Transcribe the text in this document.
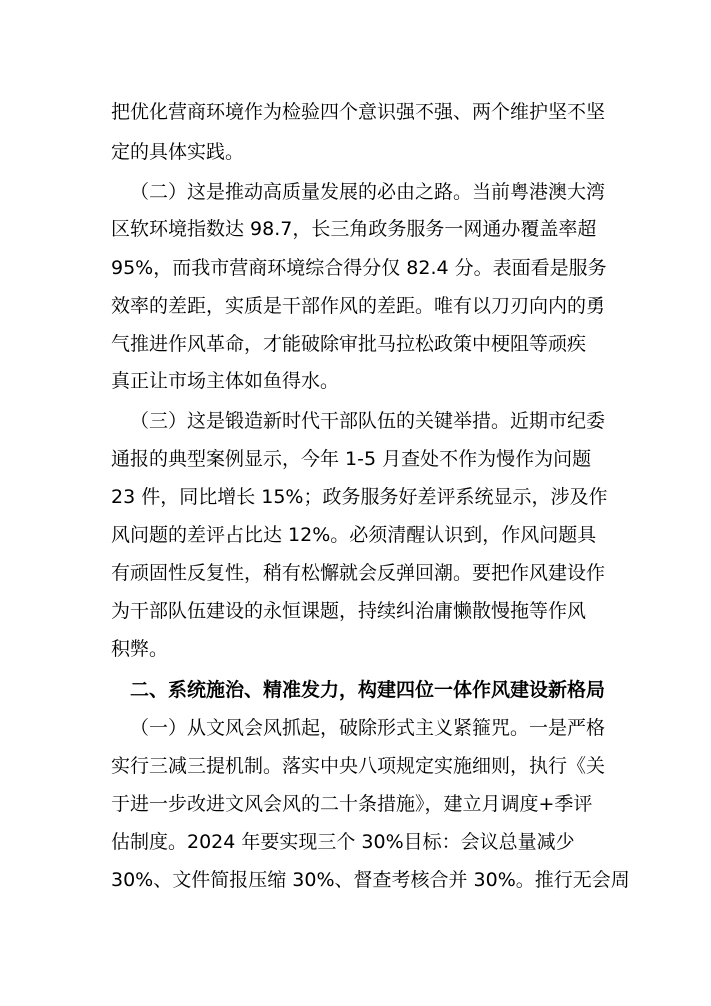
把优化营商环境作为检验四个意识强不强、两个维护坚不坚
定的具体实践。
（二）这是推动高质量发展的必由之路。当前粤港澳大湾
区软环境指数达 98.7，长三角政务服务一网通办覆盖率超
95%，而我市营商环境综合得分仅 82.4 分。表面看是服务
效率的差距，实质是干部作风的差距。唯有以刀刃向内的勇
气推进作风革命，才能破除审批马拉松政策中梗阻等顽疾
真正让市场主体如鱼得水。
（三）这是锻造新时代干部队伍的关键举措。近期市纪委
通报的典型案例显示，今年 1-5 月查处不作为慢作为问题
23 件，同比增长 15%；政务服务好差评系统显示，涉及作
风问题的差评占比达 12%。必须清醒认识到，作风问题具
有顽固性反复性，稍有松懈就会反弹回潮。要把作风建设作
为干部队伍建设的永恒课题，持续纠治庸懒散慢拖等作风
积弊。
二、系统施治、精准发力，构建四位一体作风建设新格局
（一）从文风会风抓起，破除形式主义紧箍咒。一是严格
实行三减三提机制。落实中央八项规定实施细则，执行《关
于进一步改进文风会风的二十条措施》，建立月调度+季评
估制度。2024 年要实现三个 30%目标：会议总量减少
30%、文件简报压缩 30%、督查考核合并 30%。推行无会周
